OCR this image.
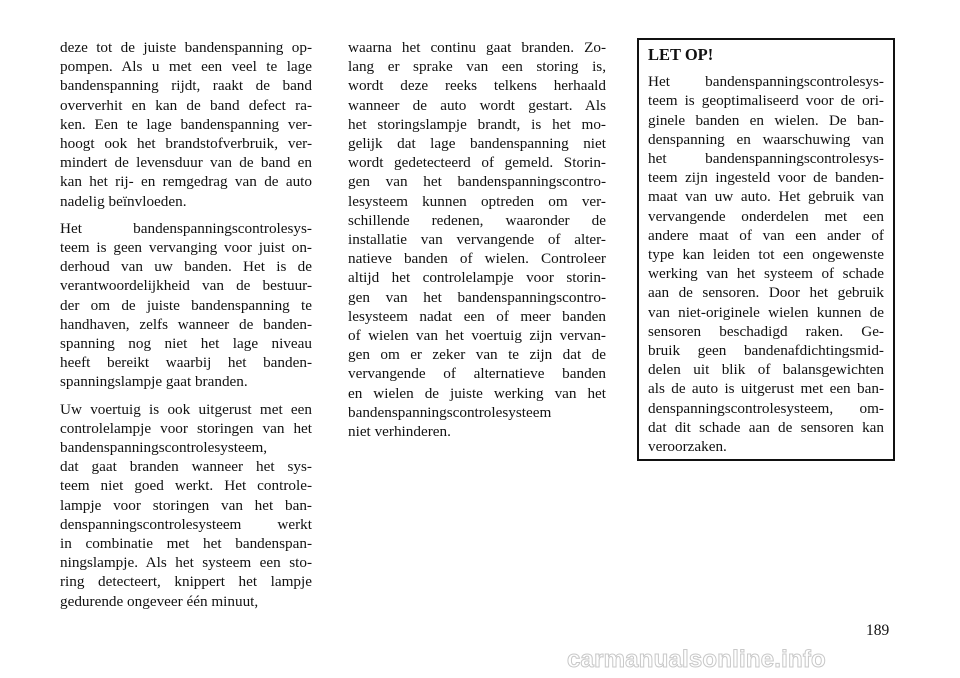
deze tot de juiste bandenspanning op-
pompen. Als u met een veel te lage
bandenspanning rijdt, raakt de band
oververhit en kan de band defect ra-
ken. Een te lage bandenspanning ver-
hoogt ook het brandstofverbruik, ver-
mindert de levensduur van de band en
kan het rij- en remgedrag van de auto
nadelig beïnvloeden.

Het bandenspanningscontrolesys-
teem is geen vervanging voor juist on-
derhoud van uw banden. Het is de
verantwoordelijkheid van de bestuur-
der om de juiste bandenspanning te
handhaven, zelfs wanneer de banden-
spanning nog niet het lage niveau
heeft bereikt waarbij het banden-
spanningslampje gaat branden.

Uw voertuig is ook uitgerust met een
controlelampje voor storingen van het
bandenspanningscontrolesysteem,
dat gaat branden wanneer het sys-
teem niet goed werkt. Het controle-
lampje voor storingen van het ban-
denspanningscontrolesysteem werkt
in combinatie met het bandenspan-
ningslampje. Als het systeem een sto-
ring detecteert, knippert het lampje
gedurende ongeveer één minuut,

waarna het continu gaat branden. Zo-
lang er sprake van een storing is,
wordt deze reeks telkens herhaald
wanneer de auto wordt gestart. Als
het storingslampje brandt, is het mo-
gelijk dat lage bandenspanning niet
wordt gedetecteerd of gemeld. Storin-
gen van het bandenspanningscontro-
lesysteem kunnen optreden om ver-
schillende redenen, waaronder de
installatie van vervangende of alter-
natieve banden of wielen. Controleer
altijd het controlelampje voor storin-
gen van het bandenspanningscontro-
lesysteem nadat een of meer banden
of wielen van het voertuig zijn vervan-
gen om er zeker van te zijn dat de
vervangende of alternatieve banden
en wielen de juiste werking van het
bandenspanningscontrolesysteem
niet verhinderen.

LET OP!

Het bandenspanningscontrolesys-
teem is geoptimaliseerd voor de ori-
ginele banden en wielen. De ban-
denspanning en waarschuwing van
het bandenspanningscontrolesys-
teem zijn ingesteld voor de banden-
maat van uw auto. Het gebruik van
vervangende onderdelen met een
andere maat of van een ander of
type kan leiden tot een ongewenste
werking van het systeem of schade
aan de sensoren. Door het gebruik
van niet-originele wielen kunnen de
sensoren beschadigd raken. Ge-
bruik geen bandenafdichtingsmid-
delen uit blik of balansgewichten
als de auto is uitgerust met een ban-
denspanningscontrolesysteem, om-
dat dit schade aan de sensoren kan
veroorzaken.

189
carmanualsonline.info
